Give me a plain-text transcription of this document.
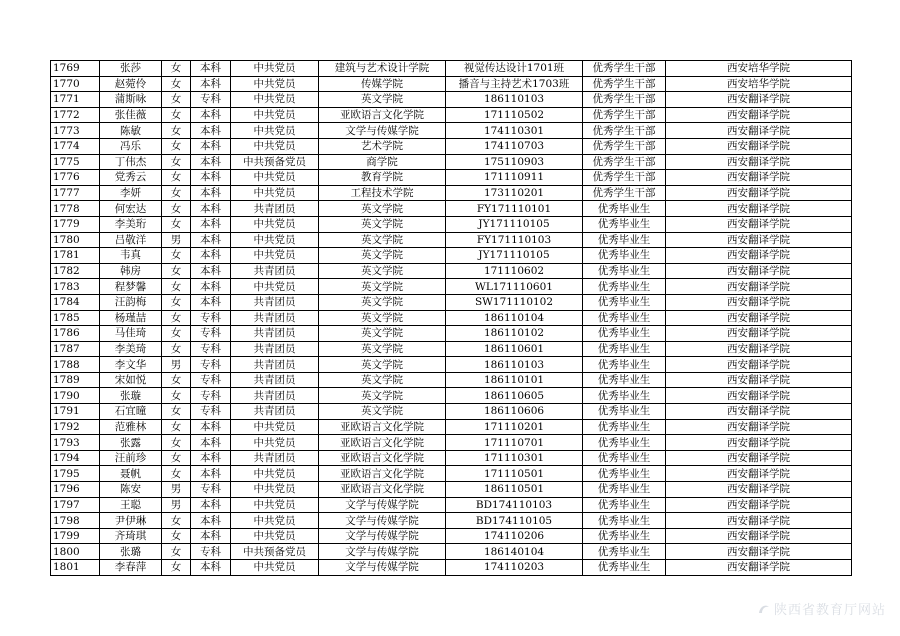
1769	张莎	女	本科	中共党员	建筑与艺术设计学院	视觉传达设计1701班	优秀学生干部	西安培华学院
1770	赵菀伶	女	本科	中共党员	传媒学院	播音与主持艺术1703班	优秀学生干部	西安培华学院
1771	蒲斯咏	女	专科	中共党员	英文学院	186110103	优秀学生干部	西安翻译学院
1772	张佳薇	女	本科	中共党员	亚欧语言文化学院	171110502	优秀学生干部	西安翻译学院
1773	陈敏	女	本科	中共党员	文学与传媒学院	174110301	优秀学生干部	西安翻译学院
1774	冯乐	女	本科	中共党员	艺术学院	174110703	优秀学生干部	西安翻译学院
1775	丁伟杰	女	本科	中共预备党员	商学院	175110903	优秀学生干部	西安翻译学院
1776	党秀云	女	本科	中共党员	教育学院	171110911	优秀学生干部	西安翻译学院
1777	李妍	女	本科	中共党员	工程技术学院	173110201	优秀学生干部	西安翻译学院
1778	何宏达	女	本科	共青团员	英文学院	FY171110101	优秀毕业生	西安翻译学院
1779	李美珩	女	本科	中共党员	英文学院	JY171110105	优秀毕业生	西安翻译学院
1780	吕敬洋	男	本科	中共党员	英文学院	FY171110103	优秀毕业生	西安翻译学院
1781	韦真	女	本科	中共党员	英文学院	JY171110105	优秀毕业生	西安翻译学院
1782	韩房	女	本科	共青团员	英文学院	171110602	优秀毕业生	西安翻译学院
1783	程梦馨	女	本科	中共党员	英文学院	WL171110601	优秀毕业生	西安翻译学院
1784	汪韵梅	女	本科	共青团员	英文学院	SW171110102	优秀毕业生	西安翻译学院
1785	杨瑾喆	女	专科	共青团员	英文学院	186110104	优秀毕业生	西安翻译学院
1786	马佳琦	女	专科	共青团员	英文学院	186110102	优秀毕业生	西安翻译学院
1787	李美琦	女	专科	共青团员	英文学院	186110601	优秀毕业生	西安翻译学院
1788	李文华	男	专科	共青团员	英文学院	186110103	优秀毕业生	西安翻译学院
1789	宋如悦	女	专科	共青团员	英文学院	186110101	优秀毕业生	西安翻译学院
1790	张璇	女	专科	共青团员	英文学院	186110605	优秀毕业生	西安翻译学院
1791	石宜曈	女	专科	共青团员	英文学院	186110606	优秀毕业生	西安翻译学院
1792	范雅林	女	本科	中共党员	亚欧语言文化学院	171110201	优秀毕业生	西安翻译学院
1793	张露	女	本科	中共党员	亚欧语言文化学院	171110701	优秀毕业生	西安翻译学院
1794	汪前珍	女	本科	共青团员	亚欧语言文化学院	171110301	优秀毕业生	西安翻译学院
1795	聂帆	女	本科	中共党员	亚欧语言文化学院	171110501	优秀毕业生	西安翻译学院
1796	陈安	男	专科	中共党员	亚欧语言文化学院	186110501	优秀毕业生	西安翻译学院
1797	王聪	男	本科	中共党员	文学与传媒学院	BD174110103	优秀毕业生	西安翻译学院
1798	尹伊琳	女	本科	中共党员	文学与传媒学院	BD174110105	优秀毕业生	西安翻译学院
1799	齐琦琪	女	本科	中共党员	文学与传媒学院	174110206	优秀毕业生	西安翻译学院
1800	张璐	女	专科	中共预备党员	文学与传媒学院	186140104	优秀毕业生	西安翻译学院
1801	李春萍	女	本科	中共党员	文学与传媒学院	174110203	优秀毕业生	西安翻译学院
陕西省教育厅网站
